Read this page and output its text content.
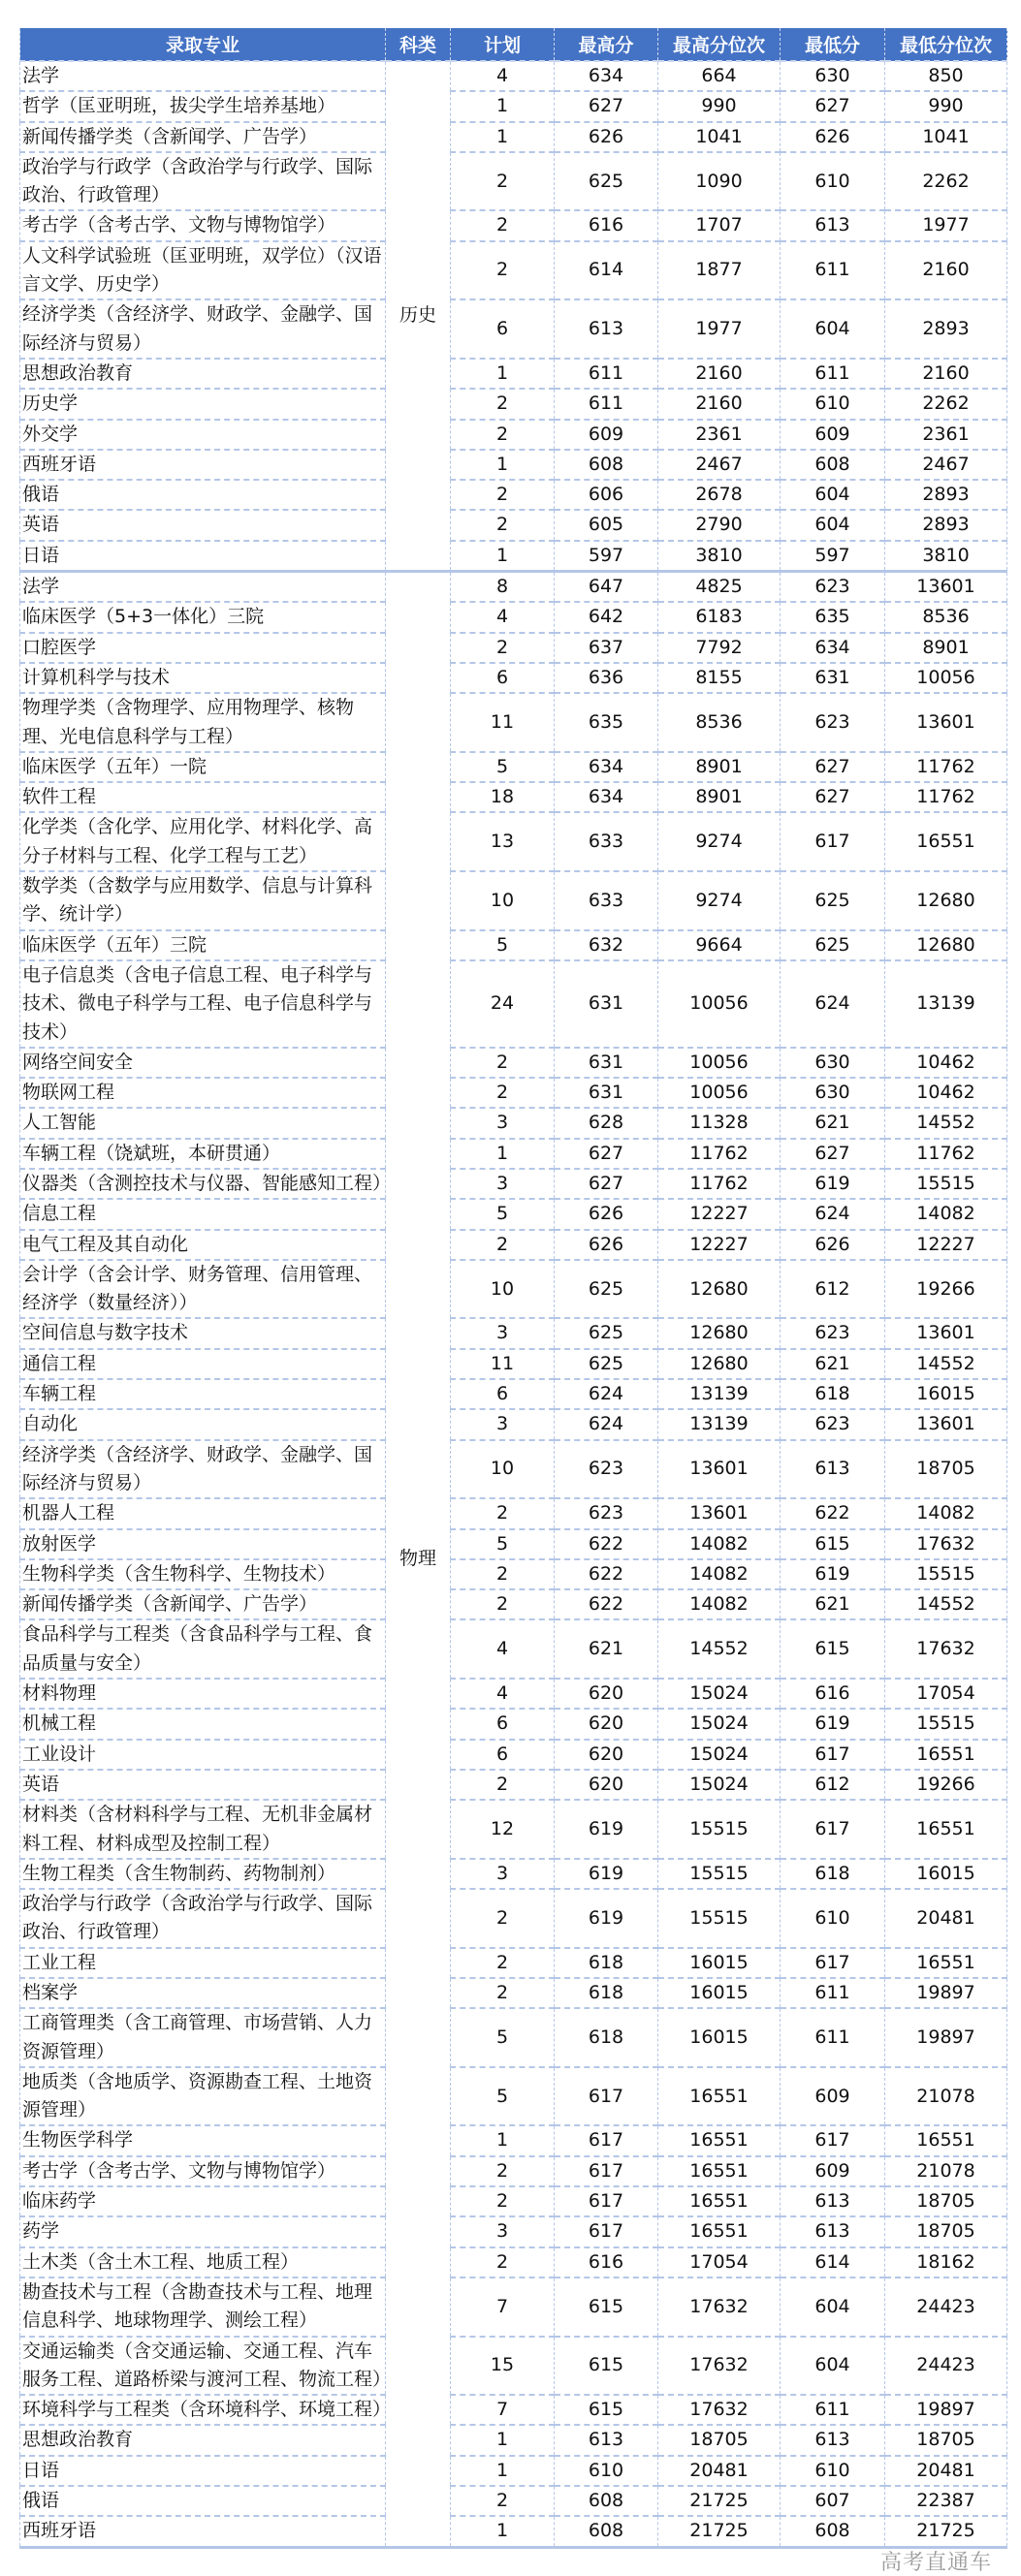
录取专业	科类	计划	最高分	最高分位次	最低分	最低分位次
法学	历史	4	634	664	630	850
哲学（匡亚明班，拔尖学生培养基地）		1	627	990	627	990
新闻传播学类（含新闻学、广告学）		1	626	1041	626	1041
政治学与行政学（含政治学与行政学、国际政治、行政管理）		2	625	1090	610	2262
考古学（含考古学、文物与博物馆学）		2	616	1707	613	1977
人文科学试验班（匡亚明班，双学位）（汉语言文学、历史学）		2	614	1877	611	2160
经济学类（含经济学、财政学、金融学、国际经济与贸易）		6	613	1977	604	2893
思想政治教育		1	611	2160	611	2160
历史学		2	611	2160	610	2262
外交学		2	609	2361	609	2361
西班牙语		1	608	2467	608	2467
俄语		2	606	2678	604	2893
英语		2	605	2790	604	2893
日语		1	597	3810	597	3810
法学	物理	8	647	4825	623	13601
临床医学（5+3一体化）三院		4	642	6183	635	8536
口腔医学		2	637	7792	634	8901
计算机科学与技术		6	636	8155	631	10056
物理学类（含物理学、应用物理学、核物理、光电信息科学与工程）		11	635	8536	623	13601
临床医学（五年）一院		5	634	8901	627	11762
软件工程		18	634	8901	627	11762
化学类（含化学、应用化学、材料化学、高分子材料与工程、化学工程与工艺）		13	633	9274	617	16551
数学类（含数学与应用数学、信息与计算科学、统计学）		10	633	9274	625	12680
临床医学（五年）三院		5	632	9664	625	12680
电子信息类（含电子信息工程、电子科学与技术、微电子科学与工程、电子信息科学与技术）		24	631	10056	624	13139
网络空间安全		2	631	10056	630	10462
物联网工程		2	631	10056	630	10462
人工智能		3	628	11328	621	14552
车辆工程（饶斌班，本研贯通）		1	627	11762	627	11762
仪器类（含测控技术与仪器、智能感知工程）		3	627	11762	619	15515
信息工程		5	626	12227	624	14082
电气工程及其自动化		2	626	12227	626	12227
会计学（含会计学、财务管理、信用管理、经济学（数量经济））		10	625	12680	612	19266
空间信息与数字技术		3	625	12680	623	13601
通信工程		11	625	12680	621	14552
车辆工程		6	624	13139	618	16015
自动化		3	624	13139	623	13601
经济学类（含经济学、财政学、金融学、国际经济与贸易）		10	623	13601	613	18705
机器人工程		2	623	13601	622	14082
放射医学		5	622	14082	615	17632
生物科学类（含生物科学、生物技术）		2	622	14082	619	15515
新闻传播学类（含新闻学、广告学）		2	622	14082	621	14552
食品科学与工程类（含食品科学与工程、食品质量与安全）		4	621	14552	615	17632
材料物理		4	620	15024	616	17054
机械工程		6	620	15024	619	15515
工业设计		6	620	15024	617	16551
英语		2	620	15024	612	19266
材料类（含材料科学与工程、无机非金属材料工程、材料成型及控制工程）		12	619	15515	617	16551
生物工程类（含生物制药、药物制剂）		3	619	15515	618	16015
政治学与行政学（含政治学与行政学、国际政治、行政管理）		2	619	15515	610	20481
工业工程		2	618	16015	617	16551
档案学		2	618	16015	611	19897
工商管理类（含工商管理、市场营销、人力资源管理）		5	618	16015	611	19897
地质类（含地质学、资源勘查工程、土地资源管理）		5	617	16551	609	21078
生物医学科学		1	617	16551	617	16551
考古学（含考古学、文物与博物馆学）		2	617	16551	609	21078
临床药学		2	617	16551	613	18705
药学		3	617	16551	613	18705
土木类（含土木工程、地质工程）		2	616	17054	614	18162
勘查技术与工程（含勘查技术与工程、地理信息科学、地球物理学、测绘工程）		7	615	17632	604	24423
交通运输类（含交通运输、交通工程、汽车服务工程、道路桥梁与渡河工程、物流工程）		15	615	17632	604	24423
环境科学与工程类（含环境科学、环境工程）		7	615	17632	611	19897
思想政治教育		1	613	18705	613	18705
日语		1	610	20481	610	20481
俄语		2	608	21725	607	22387
西班牙语		1	608	21725	608	21725
高考直通车
